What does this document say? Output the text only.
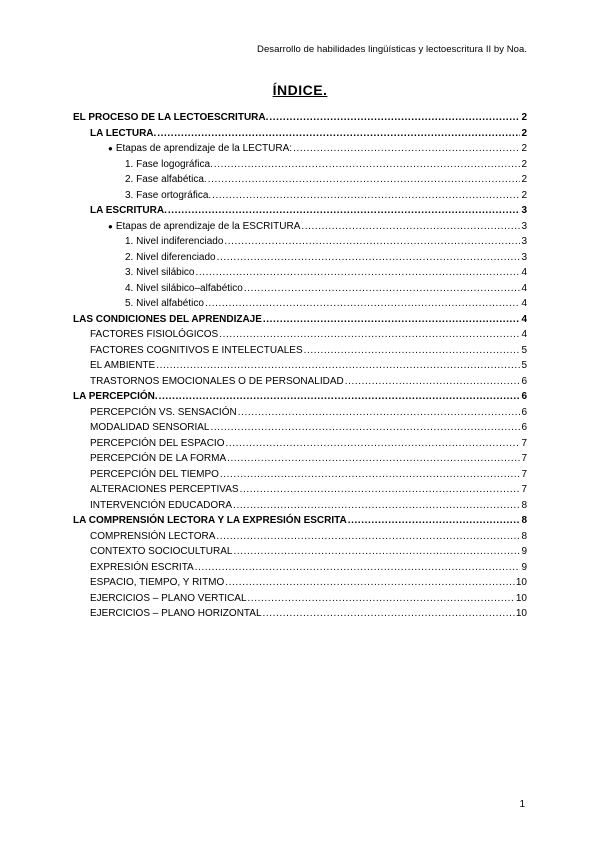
Desarrollo de habilidades lingüísticas y lectoescritura II by Noa.
ÍNDICE.
EL PROCESO DE LA LECTOESCRITURA. .....	2
LA LECTURA. .....	2
● Etapas de aprendizaje de la LECTURA: .....	2
1. Fase logográfica. .....	2
2. Fase alfabética. .....	2
3. Fase ortográfica. .....	2
LA ESCRITURA. .....	3
● Etapas de aprendizaje de la ESCRITURA .....	3
1. Nivel indiferenciado .....	3
2. Nivel diferenciado .....	3
3. Nivel silábico .....	4
4. Nivel silábico–alfabético .....	4
5. Nivel alfabético .....	4
LAS CONDICIONES DEL APRENDIZAJE .....	4
FACTORES FISIOLÓGICOS .....	4
FACTORES COGNITIVOS E INTELECTUALES .....	5
EL AMBIENTE .....	5
TRASTORNOS EMOCIONALES O DE PERSONALIDAD .....	6
LA PERCEPCIÓN. .....	6
PERCEPCIÓN VS. SENSACIÓN .....	6
MODALIDAD SENSORIAL .....	6
PERCEPCIÓN DEL ESPACIO .....	7
PERCEPCIÓN DE LA FORMA .....	7
PERCEPCIÓN DEL TIEMPO .....	7
ALTERACIONES PERCEPTIVAS .....	7
INTERVENCIÓN EDUCADORA .....	8
LA COMPRENSIÓN LECTORA Y LA EXPRESIÓN ESCRITA .....	8
COMPRENSIÓN LECTORA .....	8
CONTEXTO SOCIOCULTURAL .....	9
EXPRESIÓN ESCRITA .....	9
ESPACIO, TIEMPO, Y RITMO .....	10
EJERCICIOS – PLANO VERTICAL .....	10
EJERCICIOS – PLANO HORIZONTAL .....	10
1
